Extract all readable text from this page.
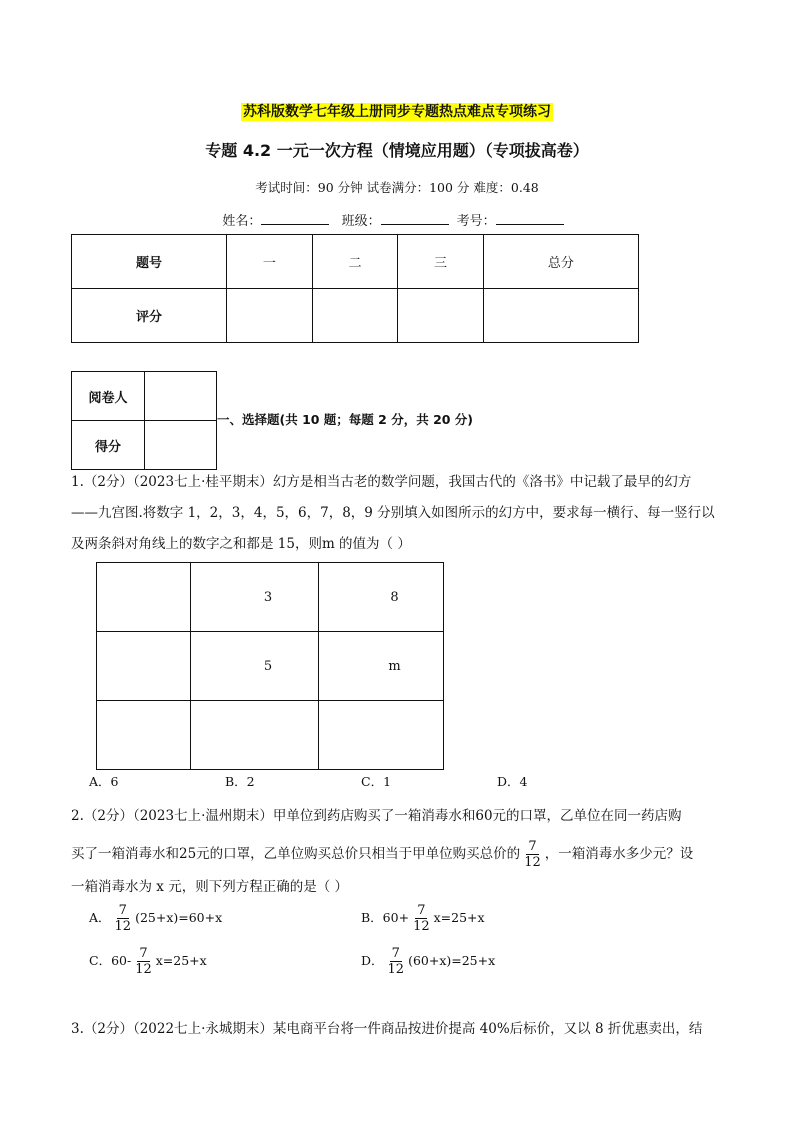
苏科版数学七年级上册同步专题热点难点专项练习
专题 4.2 一元一次方程（情境应用题）（专项拔高卷）
考试时间：90 分钟 试卷满分：100 分 难度：0.48
姓名：	班级：	考号：
题号	一	二	三	总分
评分				
阅卷人	
得分	
一、选择题(共 10 题；每题 2 分，共 20 分)
1.（2分）（2023七上·桂平期末）幻方是相当古老的数学问题，我国古代的《洛书》中记载了最早的幻方
——九宫图.将数字 1，2，3，4，5，6，7，8，9 分别填入如图所示的幻方中，要求每一横行、每一竖行以
及两条斜对角线上的数字之和都是 15，则m 的值为（ ）
	3	8
	5	m

A．6	B．2	C．1	D．4
2.（2分）（2023七上·温州期末）甲单位到药店购买了一箱消毒水和60元的口罩，乙单位在同一药店购
买了一箱消毒水和25元的口罩，乙单位购买总价只相当于甲单位购买总价的 $\frac{7}{12}$ ，一箱消毒水多少元？设
一箱消毒水为 x 元，则下列方程正确的是（ ）
A． $\frac{7}{12} (25+x)=60+x$	B．$60+ \frac{7}{12} x=25+x$
C．$60- \frac{7}{12} x=25+x$	D． $\frac{7}{12} (60+x)=25+x$
3.（2分）（2022七上·永城期末）某电商平台将一件商品按进价提高 40%后标价，又以 8 折优惠卖出，结
